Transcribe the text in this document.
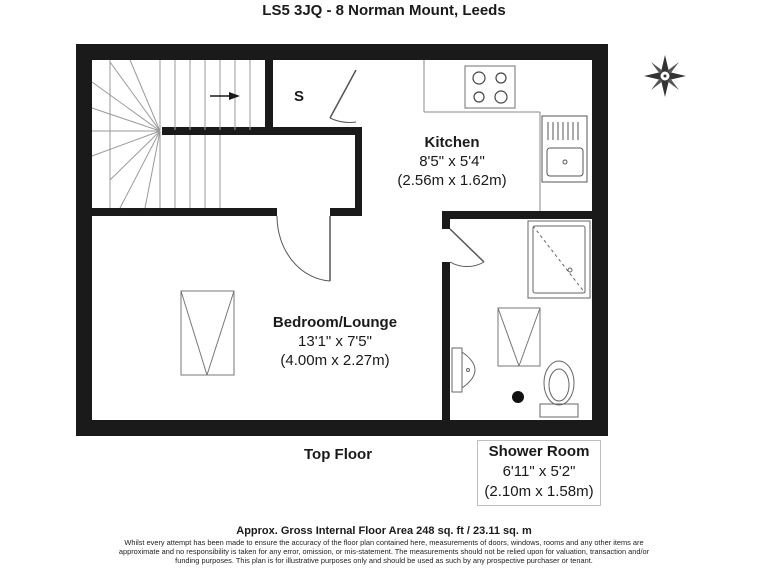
LS5 3JQ - 8 Norman Mount, Leeds
S
Kitchen
8'5" x 5'4"
(2.56m x 1.62m)
Bedroom/Lounge
13'1" x 7'5"
(4.00m x 2.27m)
Top Floor	Shower Room
6'11" x 5'2"
(2.10m x 1.58m)
Approx. Gross Internal Floor Area 248 sq. ft / 23.11 sq. m
Whilst every attempt has been made to ensure the accuracy of the floor plan contained here, measurements of doors, windows, rooms and any other items are approximate and no responsibility is taken for any error, omission, or mis-statement. The measurements should not be relied upon for valuation, transaction and/or funding purposes. This plan is for illustrative purposes only and should be used as such by any prospective purchaser or tenant.
